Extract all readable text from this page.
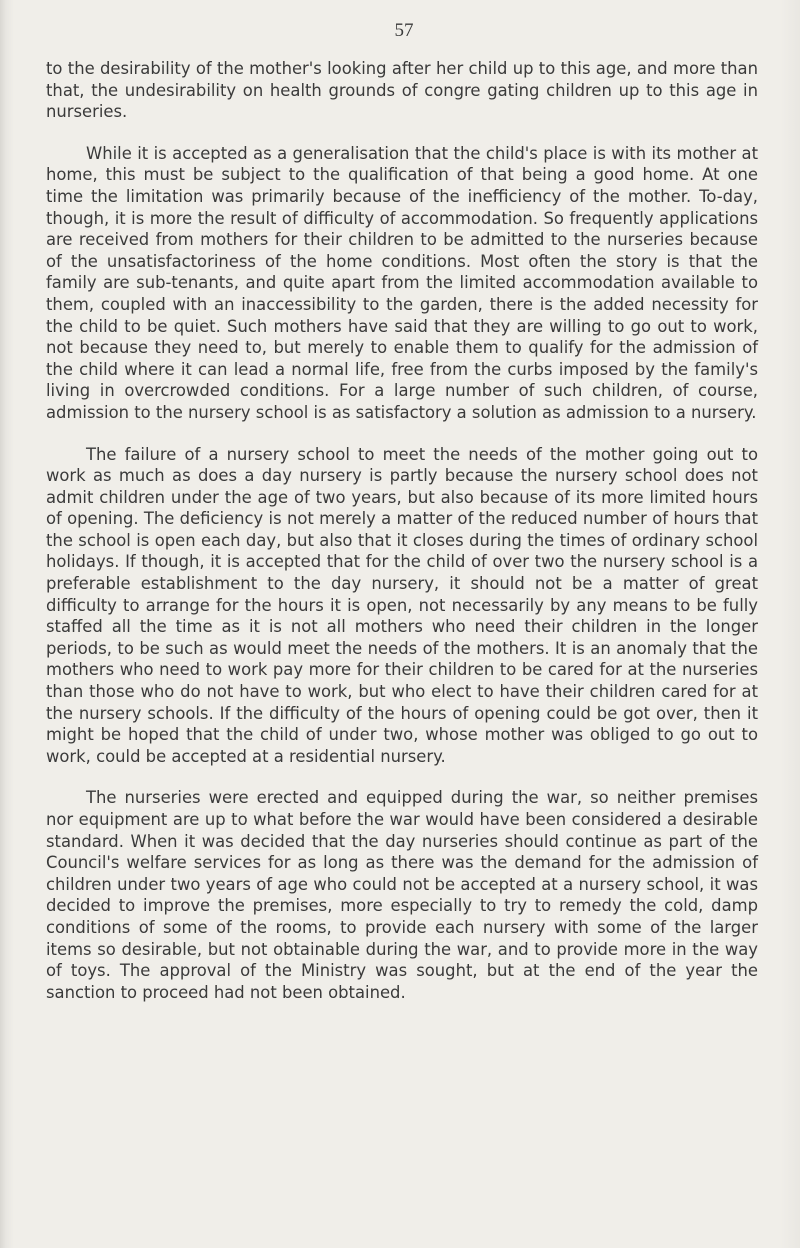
57

to the desirability of the mother's looking after her child up to this age, and more than that, the undesirability on health grounds of congre gating children up to this age in nurseries.

While it is accepted as a generalisation that the child's place is with its mother at home, this must be subject to the qualification of that being a good home. At one time the limitation was primarily because of the inefficiency of the mother. To-day, though, it is more the result of difficulty of accommodation. So frequently applications are received from mothers for their children to be admitted to the nurseries because of the unsatisfactoriness of the home conditions. Most often the story is that the family are sub-tenants, and quite apart from the limited accommodation available to them, coupled with an inaccessibility to the garden, there is the added necessity for the child to be quiet. Such mothers have said that they are willing to go out to work, not because they need to, but merely to enable them to qualify for the admission of the child where it can lead a normal life, free from the curbs imposed by the family's living in overcrowded conditions. For a large number of such children, of course, admission to the nursery school is as satisfactory a solution as admission to a nursery.

The failure of a nursery school to meet the needs of the mother going out to work as much as does a day nursery is partly because the nursery school does not admit children under the age of two years, but also because of its more limited hours of opening. The deficiency is not merely a matter of the reduced number of hours that the school is open each day, but also that it closes during the times of ordinary school holidays. If though, it is accepted that for the child of over two the nursery school is a preferable establishment to the day nursery, it should not be a matter of great difficulty to arrange for the hours it is open, not necessarily by any means to be fully staffed all the time as it is not all mothers who need their children in the longer periods, to be such as would meet the needs of the mothers. It is an anomaly that the mothers who need to work pay more for their children to be cared for at the nurseries than those who do not have to work, but who elect to have their children cared for at the nursery schools. If the difficulty of the hours of opening could be got over, then it might be hoped that the child of under two, whose mother was obliged to go out to work, could be accepted at a residential nursery.

The nurseries were erected and equipped during the war, so neither premises nor equipment are up to what before the war would have been considered a desirable standard. When it was decided that the day nurseries should continue as part of the Council's welfare services for as long as there was the demand for the admission of children under two years of age who could not be accepted at a nursery school, it was decided to improve the premises, more especially to try to remedy the cold, damp conditions of some of the rooms, to provide each nursery with some of the larger items so desirable, but not obtainable during the war, and to provide more in the way of toys. The approval of the Ministry was sought, but at the end of the year the sanction to proceed had not been obtained.
